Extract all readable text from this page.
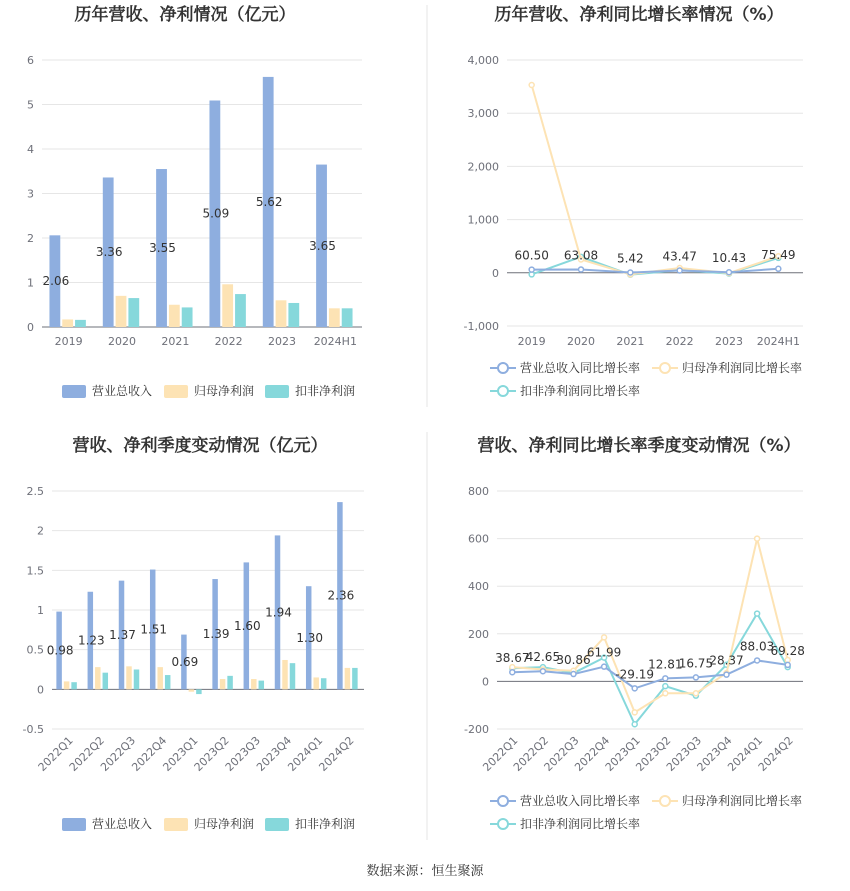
历年营收、净利情况（亿元）
0
1
2
3
4
5
6
2019 2020 2021 2022 2023 2024H1
2.06
3.36 3.55
5.09
5.62
3.65
营业总收入	归母净利润	扣非净利润
历年营收、净利同比增长率情况（%）
-1,000
0
1,000
2,000
3,000
4,000
2019 2020 2021 2022 2023 2024H1
60.50 63.08 5.42 43.47 10.43 75.49
营业总收入同比增长率	归母净利润同比增长率
扣非净利润同比增长率
营收、净利季度变动情况（亿元）
-0.5
0
0.5
1
1.5
2
2.5
2022Q1
2022Q2
2022Q3
2022Q4
2023Q1
2023Q2
2023Q3
2023Q4
2024Q1
2024Q2
0.98
1.23 1.37 1.51
0.69
1.39
1.60
1.94
1.30
2.36
营业总收入	归母净利润	扣非净利润
营收、净利同比增长率季度变动情况（%）
-200
0
200
400
600
800
2022Q1
2022Q2
2022Q3
2022Q4
2023Q1
2023Q2
2023Q3
2023Q4
2024Q1
2024Q2
38.67
42.65
30.86
61.99
-29.19
12.81
16.75
28.37
88.03
69.28
营业总收入同比增长率	归母净利润同比增长率
扣非净利润同比增长率
数据来源：恒生聚源
